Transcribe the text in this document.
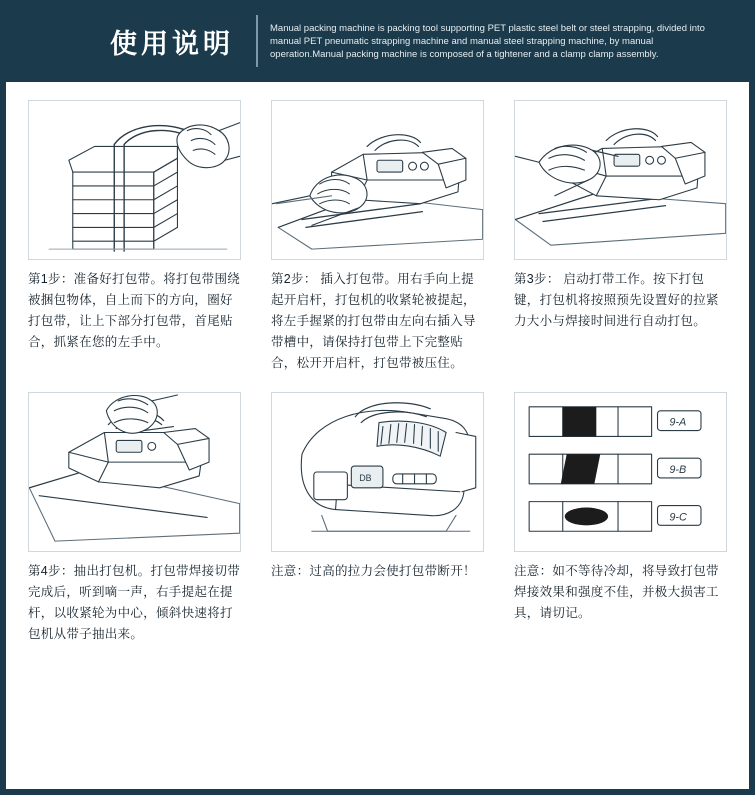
使用说明
Manual packing machine is packing tool supporting PET plastic steel belt or steel strapping, divided into manual PET pneumatic strapping machine and manual steel strapping machine, by manual operation.Manual packing machine is composed of a tightener and a clamp clamp assembly.
第1步：准备好打包带。将打包带围绕被捆包物体，自上而下的方向，圈好打包带，让上下部分打包带，首尾贴合，抓紧在您的左手中。
第2步： 插入打包带。用右手向上提起开启杆，打包机的收紧轮被提起，将左手握紧的打包带由左向右插入导带槽中，请保持打包带上下完整贴合，松开开启杆，打包带被压住。
第3步： 启动打带工作。按下打包键，打包机将按照预先设置好的拉紧力大小与焊接时间进行自动打包。
第4步：抽出打包机。打包带焊接切带完成后，听到嘀一声，右手提起在提杆，以收紧轮为中心，倾斜快速将打包机从带子抽出来。
DB
注意：过高的拉力会使打包带断开！
9-A
9-B
9-C
注意：如不等待冷却，将导致打包带焊接效果和强度不佳，并极大损害工具，请切记。
